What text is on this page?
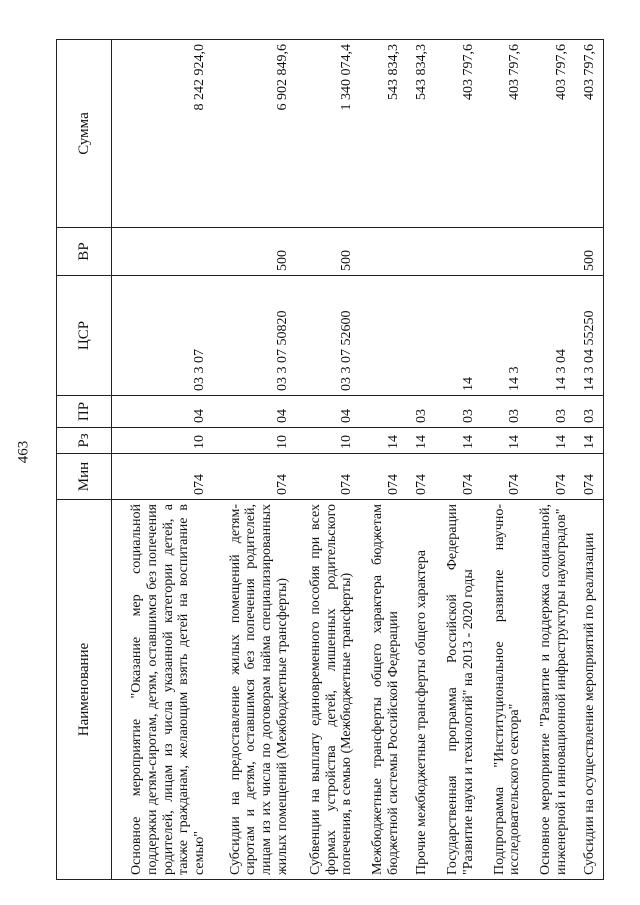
463
Наименование	Мин	Рз	ПР	ЦСР	ВР	Сумма
Основное мероприятие "Оказание мер социальной поддержки детям-сиротам, детям, оставшимся без попечения родителей, лицам из числа указанной категории детей, а также гражданам, желающим взять детей на воспитание в семью"	074	10	04	03 3 07		8 242 924,0
Субсидии на предоставление жилых помещений детям-сиротам и детям, оставшимся без попечения родителей, лицам из их числа по договорам найма специализированных жилых помещений (Межбюджетные трансферты)	074	10	04	03 3 07 50820	500	6 902 849,6
Субвенции на выплату единовременного пособия при всех формах устройства детей, лишенных родительского попечения, в семью (Межбюджетные трансферты)	074	10	04	03 3 07 52600	500	1 340 074,4
Межбюджетные трансферты общего характера бюджетам бюджетной системы Российской Федерации	074	14				543 834,3
Прочие межбюджетные трансферты общего характера	074	14	03			543 834,3
Государственная программа Российской Федерации "Развитие науки и технологий" на 2013 - 2020 годы	074	14	03	14		403 797,6
Подпрограмма "Институциональное развитие научно-исследовательского сектора"	074	14	03	14 3		403 797,6
Основное мероприятие "Развитие и поддержка социальной, инженерной и инновационной инфраструктуры наукоградов"	074	14	03	14 3 04		403 797,6
Субсидии на осуществление мероприятий по реализации	074	14	03	14 3 04 55250	500	403 797,6
